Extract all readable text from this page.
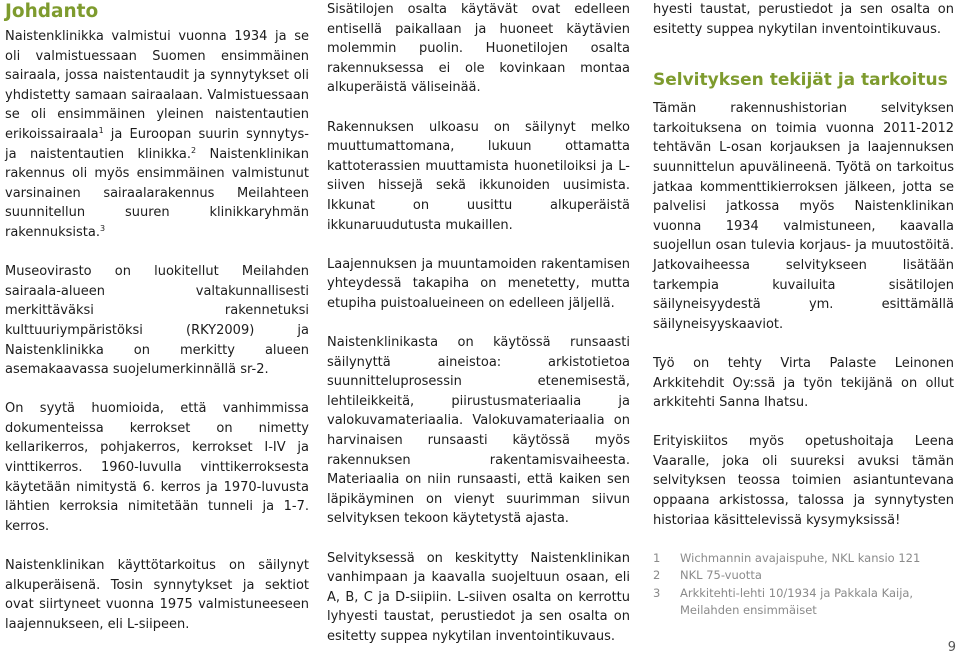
Johdanto

Naistenklinikka valmistui vuonna 1934 ja se oli valmistuessaan Suomen ensimmäinen sairaala, jossa naistentaudit ja synnytykset oli yhdistetty samaan sairaalaan. Valmistuessaan se oli ensimmäinen yleinen naistentautien erikoissairaala$^1$ ja Euroopan suurin synnytys- ja naistentautien klinikka.$^2$ Naistenklinikan rakennus oli myös ensimmäinen valmistunut varsinainen sairaalarakennus Meilahteen suunnitellun suuren klinikkaryhmän rakennuksista.$^3$

Museovirasto on luokitellut Meilahden sairaala-alueen valtakunnallisesti merkittäväksi rakennetuksi kulttuuriympäristöksi (RKY2009) ja Naistenklinikka on merkitty alueen asemakaavassa suojelumerkinnällä sr-2.

On syytä huomioida, että vanhimmissa dokumenteissa kerrokset on nimetty kellarikerros, pohjakerros, kerrokset I-IV ja vinttikerros. 1960-luvulla vinttikerroksesta käytetään nimitystä 6. kerros ja 1970-luvusta lähtien kerroksia nimitetään tunneli ja 1-7. kerros.

Naistenklinikan käyttötarkoitus on säilynyt alkuperäisenä. Tosin synnytykset ja sektiot ovat siirtyneet vuonna 1975 valmistuneeseen laajennukseen, eli L-siipeen.

Sisätilojen osalta käytävät ovat edelleen entisellä paikallaan ja huoneet käytävien molemmin puolin. Huonetilojen osalta rakennuksessa ei ole kovinkaan montaa alkuperäistä väliseinää.

Rakennuksen ulkoasu on säilynyt melko muuttumattomana, lukuun ottamatta kattoterassien muuttamista huonetiloiksi ja L-siiven hissejä sekä ikkunoiden uusimista. Ikkunat on uusittu alkuperäistä ikkunaruudutusta mukaillen.

Laajennuksen ja muuntamoiden rakentamisen yhteydessä takapiha on menetetty, mutta etupiha puistoalueineen on edelleen jäljellä.

Naistenklinikasta on käytössä runsaasti säilynyttä aineistoa: arkistotietoa suunnitteluprosessin etenemisestä, lehtileikkeitä, piirustusmateriaalia ja valokuvamateriaalia. Valokuvamateriaalia on harvinaisen runsaasti käytössä myös rakennuksen rakentamisvaiheesta. Materiaalia on niin runsaasti, että kaiken sen läpikäyminen on vienyt suurimman siivun selvityksen tekoon käytetystä ajasta.

Selvityksessä on keskitytty Naistenklinikan vanhimpaan ja kaavalla suojeltuun osaan, eli A, B, C ja D-siipiin. L-siiven osalta on kerrottu lyhyesti taustat, perustiedot ja sen osalta on esitetty suppea nykytilan inventointikuvaus.

hyesti taustat, perustiedot ja sen osalta on esitetty suppea nykytilan inventointikuvaus.

Selvityksen tekijät ja tarkoitus

Tämän rakennushistorian selvityksen tarkoituksena on toimia vuonna 2011-2012 tehtävän L-osan korjauksen ja laajennuksen suunnittelun apuvälineenä. Työtä on tarkoitus jatkaa kommenttikierroksen jälkeen, jotta se palvelisi jatkossa myös Naistenklinikan vuonna 1934 valmistuneen, kaavalla suojellun osan tulevia korjaus- ja muutostöitä. Jatkovaiheessa selvitykseen lisätään tarkempia kuvailuita sisätilojen säilyneisyydestä ym. esittämällä säilyneisyyskaaviot.

Työ on tehty Virta Palaste Leinonen Arkkitehdit Oy:ssä ja työn tekijänä on ollut arkkitehti Sanna Ihatsu.

Erityiskiitos myös opetushoitaja Leena Vaaralle, joka oli suureksi avuksi tämän selvityksen teossa toimien asiantuntevana oppaana arkistossa, talossa ja synnytysten historiaa käsittelevissä kysymyksissä!

1	Wichmannin avajaispuhe, NKL kansio 121
2	NKL 75-vuotta
3	Arkkitehti-lehti 10/1934 ja Pakkala Kaija, Meilahden ensimmäiset
9
